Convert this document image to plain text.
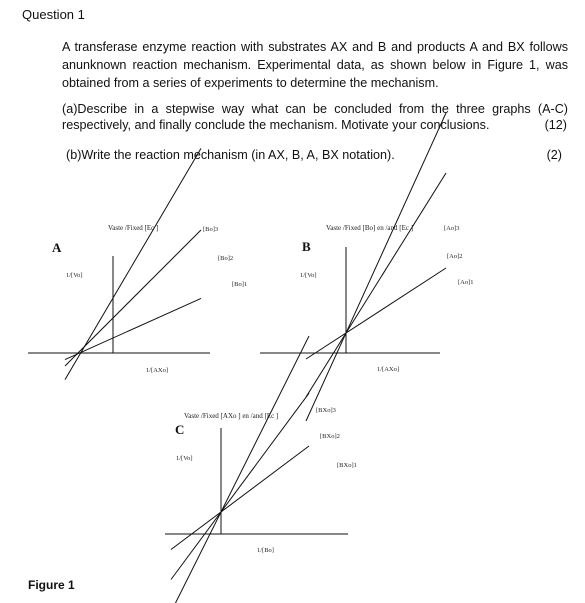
Question 1
A transferase enzyme reaction with substrates AX and B and products A and BX follows anunknown reaction mechanism. Experimental data, as shown below in Figure 1, was obtained from a series of experiments to determine the mechanism.
(a)Describe in a stepwise way what can be concluded from the three graphs (A-C) respectively, and finally conclude the mechanism. Motivate your conclusions.	(12)
(b)Write the reaction mechanism (in AX, B, A, BX notation).	(2)
A
Vaste /Fixed [Ec ]
1/[Vo]
1/[AXo]
[Bo]3
[Bo]2
[Bo]1
B
Vaste /Fixed [Bo] en /and [Ec ]
1/[Vo]
1/[AXo]
[Ao]3
[Ao]2
[Ao]1
C
Vaste /Fixed [AXo ] en /and [Ec ]
1/[Vo]
1/[Bo]
[BXo]3
[BXo]2
[BXo]1
Figure 1
